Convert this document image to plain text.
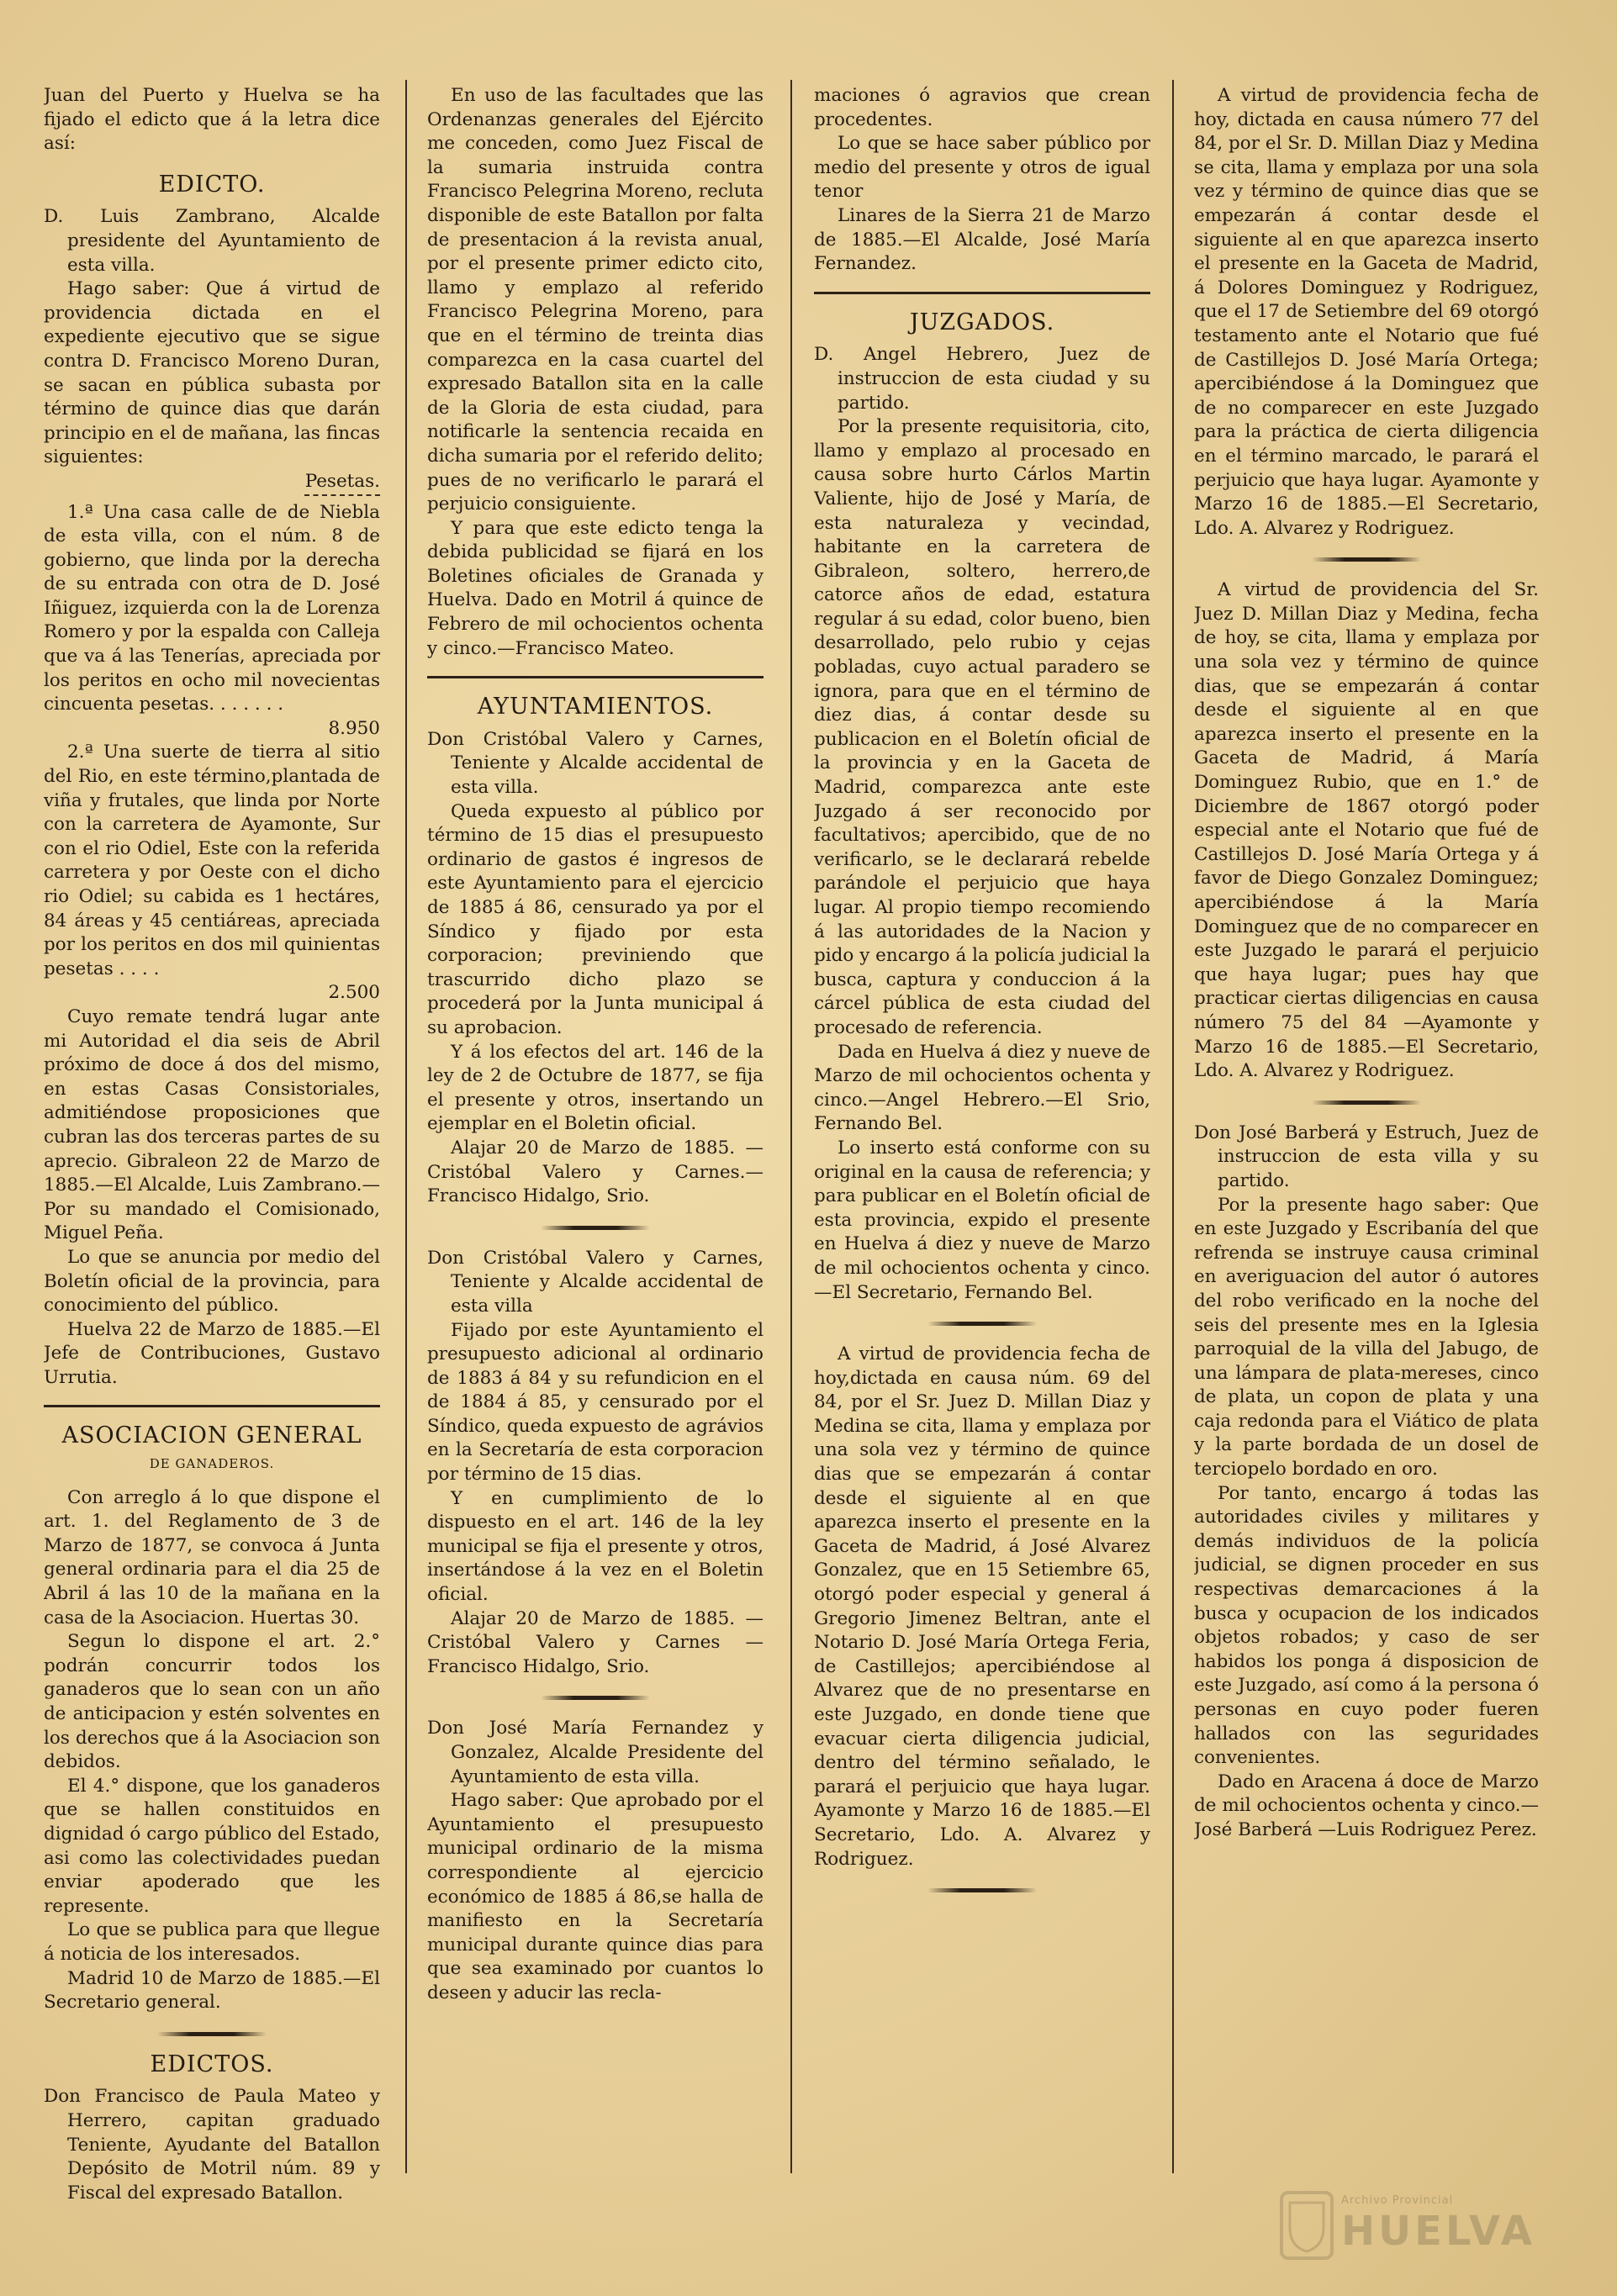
Juan del Puerto y Huelva se ha fijado el edicto que á la letra dice así:

EDICTO.

D. Luis Zambrano, Alcalde presidente del Ayuntamiento de esta villa.

Hago saber: Que á virtud de providencia dictada en el expediente ejecutivo que se sigue contra D. Francisco Moreno Duran, se sacan en pública subasta por término de quince dias que darán principio en el de mañana, las fincas siguientes:

Pesetas.

1.ª Una casa calle de de Niebla de esta villa, con el núm. 8 de gobierno, que linda por la derecha de su entrada con otra de D. José Iñiguez, izquierda con la de Lorenza Romero y por la espalda con Calleja que va á las Tenerías, apreciada por los peritos en ocho mil novecientas cincuenta pesetas. . . . . . .

8.950

2.ª Una suerte de tierra al sitio del Rio, en este término,plantada de viña y frutales, que linda por Norte con la carretera de Ayamonte, Sur con el rio Odiel, Este con la referida carretera y por Oeste con el dicho rio Odiel; su cabida es 1 hectáres, 84 áreas y 45 centiáreas, apreciada por los peritos en dos mil quinientas pesetas . . . .

2.500

Cuyo remate tendrá lugar ante mi Autoridad el dia seis de Abril próximo de doce á dos del mismo, en estas Casas Consistoriales, admitiéndose proposiciones que cubran las dos terceras partes de su aprecio. Gibraleon 22 de Marzo de 1885.—El Alcalde, Luis Zambrano.—Por su mandado el Comisionado, Miguel Peña.

Lo que se anuncia por medio del Boletín oficial de la provincia, para conocimiento del público.

Huelva 22 de Marzo de 1885.—El Jefe de Contribuciones, Gustavo Urrutia.

ASOCIACION GENERAL
DE GANADEROS.

Con arreglo á lo que dispone el art. 1. del Reglamento de 3 de Marzo de 1877, se convoca á Junta general ordinaria para el dia 25 de Abril á las 10 de la mañana en la casa de la Asociacion. Huertas 30.

Segun lo dispone el art. 2.° podrán concurrir todos los ganaderos que lo sean con un año de anticipacion y estén solventes en los derechos que á la Asociacion son debidos.

El 4.° dispone, que los ganaderos que se hallen constituidos en dignidad ó cargo público del Estado, asi como las colectividades puedan enviar apoderado que les represente.

Lo que se publica para que llegue á noticia de los interesados.

Madrid 10 de Marzo de 1885.—El Secretario general.

EDICTOS.

Don Francisco de Paula Mateo y Herrero, capitan graduado Teniente, Ayudante del Batallon Depósito de Motril núm. 89 y Fiscal del expresado Batallon.

En uso de las facultades que las Ordenanzas generales del Ejército me conceden, como Juez Fiscal de la sumaria instruida contra Francisco Pelegrina Moreno, recluta disponible de este Batallon por falta de presentacion á la revista anual, por el presente primer edicto cito, llamo y emplazo al referido Francisco Pelegrina Moreno, para que en el término de treinta dias comparezca en la casa cuartel del expresado Batallon sita en la calle de la Gloria de esta ciudad, para notificarle la sentencia recaida en dicha sumaria por el referido delito; pues de no verificarlo le parará el perjuicio consiguiente.

Y para que este edicto tenga la debida publicidad se fijará en los Boletines oficiales de Granada y Huelva. Dado en Motril á quince de Febrero de mil ochocientos ochenta y cinco.—Francisco Mateo.

AYUNTAMIENTOS.

Don Cristóbal Valero y Carnes, Teniente y Alcalde accidental de esta villa.

Queda expuesto al público por término de 15 dias el presupuesto ordinario de gastos é ingresos de este Ayuntamiento para el ejercicio de 1885 á 86, censurado ya por el Síndico y fijado por esta corporacion; previniendo que trascurrido dicho plazo se procederá por la Junta municipal á su aprobacion.

Y á los efectos del art. 146 de la ley de 2 de Octubre de 1877, se fija el presente y otros, insertando un ejemplar en el Boletin oficial.

Alajar 20 de Marzo de 1885. —Cristóbal Valero y Carnes.—Francisco Hidalgo, Srio.

Don Cristóbal Valero y Carnes, Teniente y Alcalde accidental de esta villa

Fijado por este Ayuntamiento el presupuesto adicional al ordinario de 1883 á 84 y su refundicion en el de 1884 á 85, y censurado por el Síndico, queda expuesto de agrávios en la Secretaría de esta corporacion por término de 15 dias.

Y en cumplimiento de lo dispuesto en el art. 146 de la ley municipal se fija el presente y otros, insertándose á la vez en el Boletin oficial.

Alajar 20 de Marzo de 1885. —Cristóbal Valero y Carnes — Francisco Hidalgo, Srio.

Don José María Fernandez y Gonzalez, Alcalde Presidente del Ayuntamiento de esta villa.

Hago saber: Que aprobado por el Ayuntamiento el presupuesto municipal ordinario de la misma correspondiente al ejercicio económico de 1885 á 86,se halla de manifiesto en la Secretaría municipal durante quince dias para que sea examinado por cuantos lo deseen y aducir las recla-

maciones ó agravios que crean procedentes.

Lo que se hace saber público por medio del presente y otros de igual tenor

Linares de la Sierra 21 de Marzo de 1885.—El Alcalde, José María Fernandez.

JUZGADOS.

D. Angel Hebrero, Juez de instruccion de esta ciudad y su partido.

Por la presente requisitoria, cito, llamo y emplazo al procesado en causa sobre hurto Cárlos Martin Valiente, hijo de José y María, de esta naturaleza y vecindad, habitante en la carretera de Gibraleon, soltero, herrero,de catorce años de edad, estatura regular á su edad, color bueno, bien desarrollado, pelo rubio y cejas pobladas, cuyo actual paradero se ignora, para que en el término de diez dias, á contar desde su publicacion en el Boletín oficial de la provincia y en la Gaceta de Madrid, comparezca ante este Juzgado á ser reconocido por facultativos; apercibido, que de no verificarlo, se le declarará rebelde parándole el perjuicio que haya lugar. Al propio tiempo recomiendo á las autoridades de la Nacion y pido y encargo á la policía judicial la busca, captura y conduccion á la cárcel pública de esta ciudad del procesado de referencia.

Dada en Huelva á diez y nueve de Marzo de mil ochocientos ochenta y cinco.—Angel Hebrero.—El Srio, Fernando Bel.

Lo inserto está conforme con su original en la causa de referencia; y para publicar en el Boletín oficial de esta provincia, expido el presente en Huelva á diez y nueve de Marzo de mil ochocientos ochenta y cinco.—El Secretario, Fernando Bel.

A virtud de providencia fecha de hoy,dictada en causa núm. 69 del 84, por el Sr. Juez D. Millan Diaz y Medina se cita, llama y emplaza por una sola vez y término de quince dias que se empezarán á contar desde el siguiente al en que aparezca inserto el presente en la Gaceta de Madrid, á José Alvarez Gonzalez, que en 15 Setiembre 65, otorgó poder especial y general á Gregorio Jimenez Beltran, ante el Notario D. José María Ortega Feria, de Castillejos; apercibiéndose al Alvarez que de no presentarse en este Juzgado, en donde tiene que evacuar cierta diligencia judicial, dentro del término señalado, le parará el perjuicio que haya lugar. Ayamonte y Marzo 16 de 1885.—El Secretario, Ldo. A. Alvarez y Rodriguez.

A virtud de providencia fecha de hoy, dictada en causa número 77 del 84, por el Sr. D. Millan Diaz y Medina se cita, llama y emplaza por una sola vez y término de quince dias que se empezarán á contar desde el siguiente al en que aparezca inserto el presente en la Gaceta de Madrid, á Dolores Dominguez y Rodriguez, que el 17 de Setiembre del 69 otorgó testamento ante el Notario que fué de Castillejos D. José María Ortega; apercibiéndose á la Dominguez que de no comparecer en este Juzgado para la práctica de cierta diligencia en el término marcado, le parará el perjuicio que haya lugar. Ayamonte y Marzo 16 de 1885.—El Secretario, Ldo. A. Alvarez y Rodriguez.

A virtud de providencia del Sr. Juez D. Millan Diaz y Medina, fecha de hoy, se cita, llama y emplaza por una sola vez y término de quince dias, que se empezarán á contar desde el siguiente al en que aparezca inserto el presente en la Gaceta de Madrid, á María Dominguez Rubio, que en 1.° de Diciembre de 1867 otorgó poder especial ante el Notario que fué de Castillejos D. José María Ortega y á favor de Diego Gonzalez Dominguez; apercibiéndose á la María Dominguez que de no comparecer en este Juzgado le parará el perjuicio que haya lugar; pues hay que practicar ciertas diligencias en causa número 75 del 84 —Ayamonte y Marzo 16 de 1885.—El Secretario, Ldo. A. Alvarez y Rodriguez.

Don José Barberá y Estruch, Juez de instruccion de esta villa y su partido.

Por la presente hago saber: Que en este Juzgado y Escribanía del que refrenda se instruye causa criminal en averiguacion del autor ó autores del robo verificado en la noche del seis del presente mes en la Iglesia parroquial de la villa del Jabugo, de una lámpara de plata-mereses, cinco de plata, un copon de plata y una caja redonda para el Viático de plata y la parte bordada de un dosel de terciopelo bordado en oro.

Por tanto, encargo á todas las autoridades civiles y militares y demás individuos de la policía judicial, se dignen proceder en sus respectivas demarcaciones á la busca y ocupacion de los indicados objetos robados; y caso de ser habidos los ponga á disposicion de este Juzgado, así como á la persona ó personas en cuyo poder fueren hallados con las seguridades convenientes.

Dado en Aracena á doce de Marzo de mil ochocientos ochenta y cinco.—José Barberá —Luis Rodriguez Perez.

Archivo Provincial
HUELVA
